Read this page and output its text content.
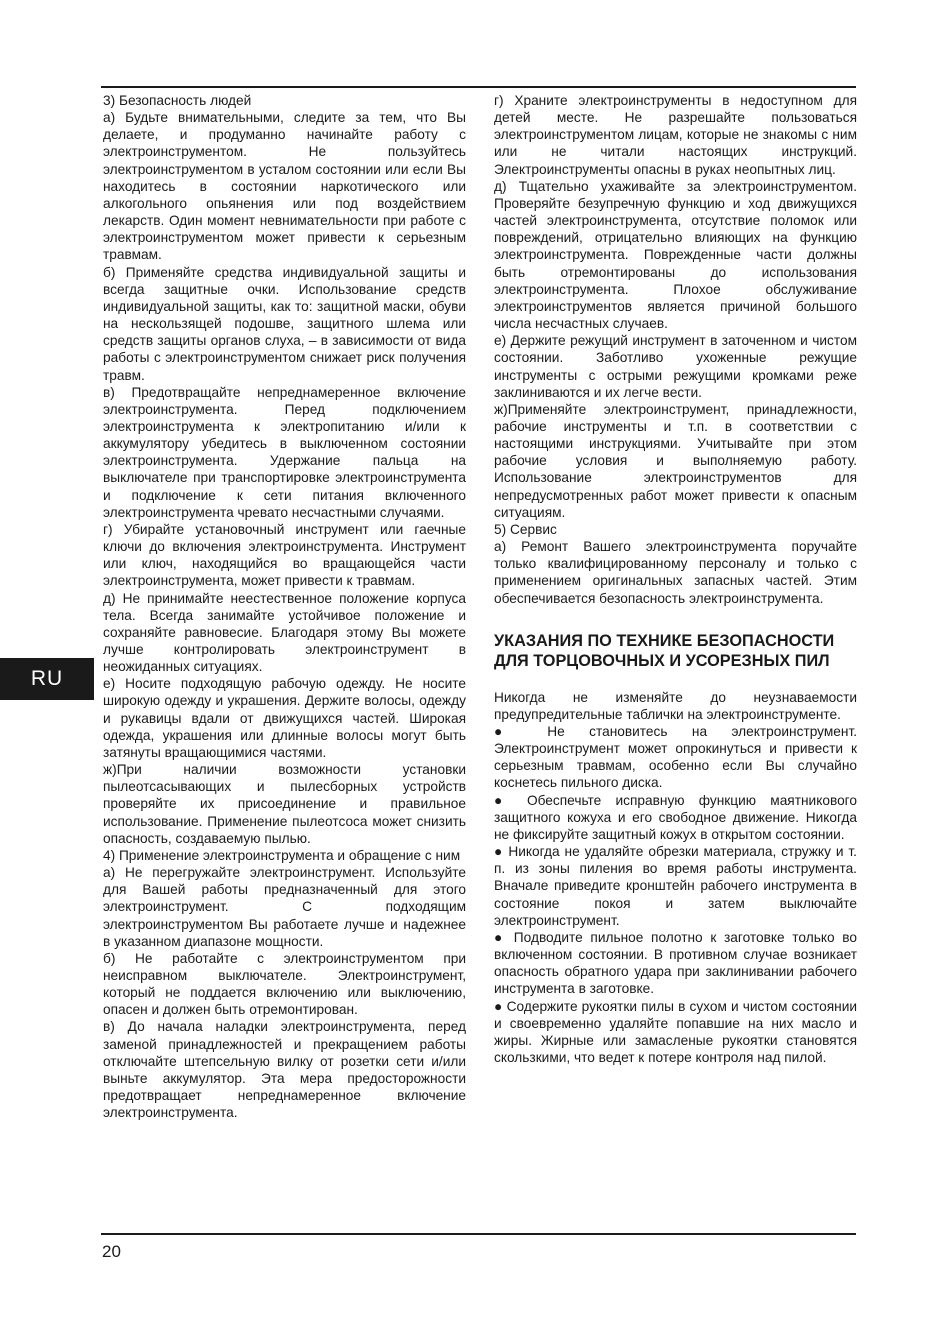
3) Безопасность людей

а) Будьте внимательными, следите за тем, что Вы делаете, и продуманно начинайте работу с электроинструментом. Не пользуйтесь электроинструментом в усталом состоянии или если Вы находитесь в состоянии наркотического или алкогольного опьянения или под воздействием лекарств. Один момент невнимательности при работе с электроинструментом может привести к серьезным травмам.

б) Применяйте средства индивидуальной защиты и всегда защитные очки. Использование средств индивидуальной защиты, как то: защитной маски, обуви на нескользящей подошве, защитного шлема или средств защиты органов слуха, – в зависимости от вида работы с электроинструментом снижает риск получения травм.

в) Предотвращайте непреднамеренное включение электроинструмента. Перед подключением электроинструмента к электропитанию и/или к аккумулятору убедитесь в выключенном состоянии электроинструмента. Удержание пальца на выключателе при транспортировке электроинструмента и подключение к сети питания включенного электроинструмента чревато несчастными случаями.

г) Убирайте установочный инструмент или гаечные ключи до включения электроинструмента. Инструмент или ключ, находящийся во вращающейся части электроинструмента, может привести к травмам.

д) Не принимайте неестественное положение корпуса тела. Всегда занимайте устойчивое положение и сохраняйте равновесие. Благодаря этому Вы можете лучше контролировать электроинструмент в неожиданных ситуациях.

е) Носите подходящую рабочую одежду. Не носите широкую одежду и украшения. Держите волосы, одежду и рукавицы вдали от движущихся частей. Широкая одежда, украшения или длинные волосы могут быть затянуты вращающимися частями.

ж)При наличии возможности установки пылеотсасывающих и пылесборных устройств проверяйте их присоединение и правильное использование. Применение пылеотсоса может снизить опасность, создаваемую пылью.

4) Применение электроинструмента и обращение с ним

а) Не перегружайте электроинструмент. Используйте для Вашей работы предназначенный для этого электроинструмент. С подходящим электроинструментом Вы работаете лучше и надежнее в указанном диапазоне мощности.

б) Не работайте с электроинструментом при неисправном выключателе. Электроинструмент, который не поддается включению или выключению, опасен и должен быть отремонтирован.

в) До начала наладки электроинструмента, перед заменой принадлежностей и прекращением работы отключайте штепсельную вилку от розетки сети и/или выньте аккумулятор. Эта мера предосторожности предотвращает непреднамеренное включение электроинструмента.

г) Храните электроинструменты в недоступном для детей месте. Не разрешайте пользоваться электроинструментом лицам, которые не знакомы с ним или не читали настоящих инструкций. Электроинструменты опасны в руках неопытных лиц.

д) Тщательно ухаживайте за электроинструментом. Проверяйте безупречную функцию и ход движущихся частей электроинструмента, отсутствие поломок или повреждений, отрицательно влияющих на функцию электроинструмента. Поврежденные части должны быть отремонтированы до использования электроинструмента. Плохое обслуживание электроинструментов является причиной большого числа несчастных случаев.

е) Держите режущий инструмент в заточенном и чистом состоянии. Заботливо ухоженные режущие инструменты с острыми режущими кромками реже заклиниваются и их легче вести.

ж)Применяйте электроинструмент, принадлежности, рабочие инструменты и т.п. в соответствии с настоящими инструкциями. Учитывайте при этом рабочие условия и выполняемую работу. Использование электроинструментов для непредусмотренных работ может привести к опасным ситуациям.

5) Сервис

а) Ремонт Вашего электроинструмента поручайте только квалифицированному персоналу и только с применением оригинальных запасных частей. Этим обеспечивается безопасность электроинструмента.

УКАЗАНИЯ ПО ТЕХНИКЕ БЕЗОПАСНОСТИ ДЛЯ ТОРЦОВОЧНЫХ И УСОРЕЗНЫХ ПИЛ

Никогда не изменяйте до неузнаваемости предупредительные таблички на электроинструменте.

● Не становитесь на электроинструмент. Электроинструмент может опрокинуться и привести к серьезным травмам, особенно если Вы случайно коснетесь пильного диска.

● Обеспечьте исправную функцию маятникового защитного кожуха и его свободное движение. Никогда не фиксируйте защитный кожух в открытом состоянии.

● Никогда не удаляйте обрезки материала, стружку и т. п. из зоны пиления во время работы инструмента. Вначале приведите кронштейн рабочего инструмента в состояние покоя и затем выключайте электроинструмент.

● Подводите пильное полотно к заготовке только во включенном состоянии. В противном случае возникает опасность обратного удара при заклинивании рабочего инструмента в заготовке.

● Содержите рукоятки пилы в сухом и чистом состоянии и своевременно удаляйте попавшие на них масло и жиры. Жирные или замасленые рукоятки становятся скользкими, что ведет к потере контроля над пилой.

RU
20
